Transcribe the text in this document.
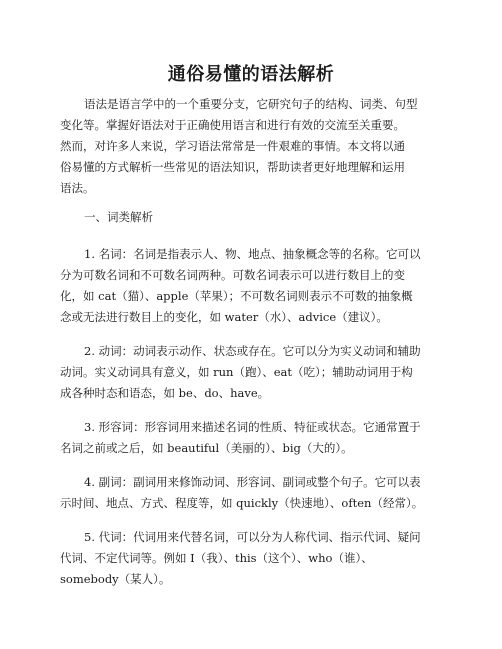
通俗易懂的语法解析
语法是语言学中的一个重要分支，它研究句子的结构、词类、句型
变化等。掌握好语法对于正确使用语言和进行有效的交流至关重要。
然而，对许多人来说，学习语法常常是一件艰难的事情。本文将以通
俗易懂的方式解析一些常见的语法知识，帮助读者更好地理解和运用
语法。
一、词类解析
1. 名词：名词是指表示人、物、地点、抽象概念等的名称。它可以
分为可数名词和不可数名词两种。可数名词表示可以进行数目上的变
化，如 cat（猫）、apple（苹果）；不可数名词则表示不可数的抽象概
念或无法进行数目上的变化，如 water（水）、advice（建议）。
2. 动词：动词表示动作、状态或存在。它可以分为实义动词和辅助
动词。实义动词具有意义，如 run（跑）、eat（吃）；辅助动词用于构
成各种时态和语态，如 be、do、have。
3. 形容词：形容词用来描述名词的性质、特征或状态。它通常置于
名词之前或之后，如 beautiful（美丽的）、big（大的）。
4. 副词：副词用来修饰动词、形容词、副词或整个句子。它可以表
示时间、地点、方式、程度等，如 quickly（快速地）、often（经常）。
5. 代词：代词用来代替名词，可以分为人称代词、指示代词、疑问
代词、不定代词等。例如 I（我）、this（这个）、who（谁）、
somebody（某人）。
